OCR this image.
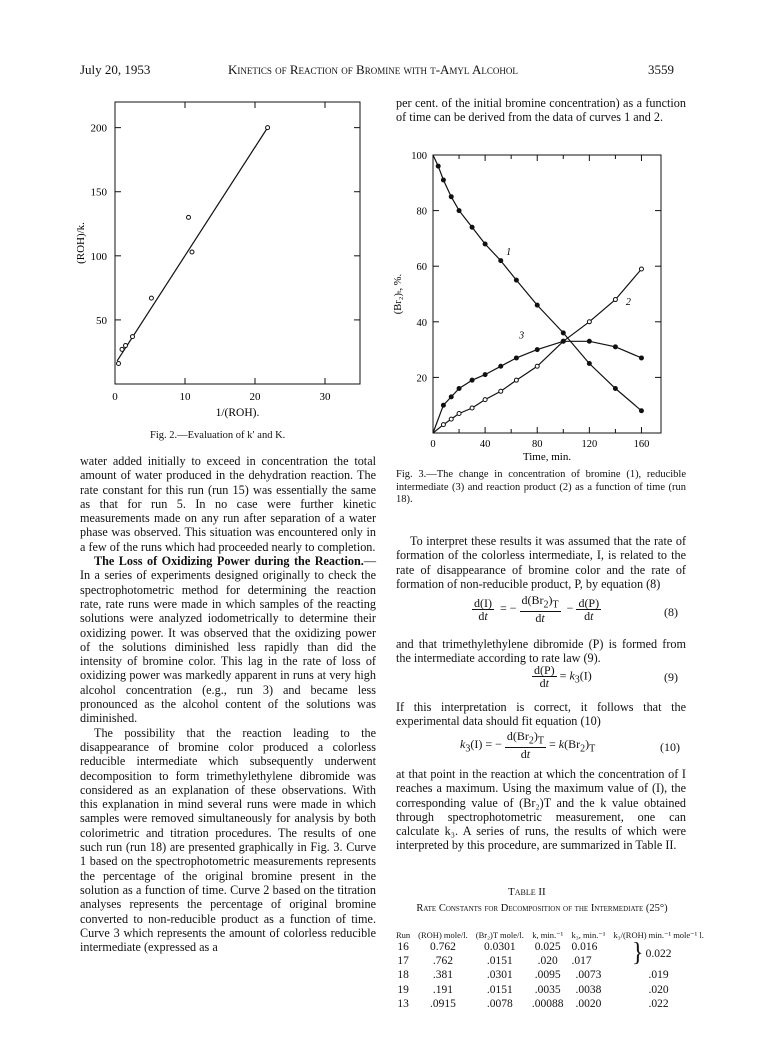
July 20, 1953	Kinetics of Reaction of Bromine with t-Amyl Alcohol	3559
0	10	20	30
50
100
150
200
1/(ROH).
(ROH)/k.
Fig. 2.—Evaluation of k′ and K.
0	40	80	120	160
20
40
60
80
100
1
2
3
Time, min.
(Br₂)ₜ, %.
Fig. 3.—The change in concentration of bromine (1), reducible intermediate (3) and reaction product (2) as a function of time (run 18).

water added initially to exceed in concentration the total amount of water produced in the dehydration reaction. The rate constant for this run (run 15) was essentially the same as that for run 5. In no case were further kinetic measurements made on any run after separation of a water phase was observed. This situation was encountered only in a few of the runs which had proceeded nearly to completion.

The Loss of Oxidizing Power during the Reaction.—In a series of experiments designed originally to check the spectrophotometric method for determining the reaction rate, rate runs were made in which samples of the reacting solutions were analyzed iodometrically to determine their oxidizing power. It was observed that the oxidizing power of the solutions diminished less rapidly than did the intensity of bromine color. This lag in the rate of loss of oxidizing power was markedly apparent in runs at very high alcohol concentration (e.g., run 3) and became less pronounced as the alcohol content of the solutions was diminished.

The possibility that the reaction leading to the disappearance of bromine color produced a colorless reducible intermediate which subsequently underwent decomposition to form trimethylethylene dibromide was considered as an explanation of these observations. With this explanation in mind several runs were made in which samples were removed simultaneously for analysis by both colorimetric and titration procedures. The results of one such run (run 18) are presented graphically in Fig. 3. Curve 1 based on the spectrophotometric measurements represents the percentage of the original bromine present in the solution as a function of time. Curve 2 based on the titration analyses represents the percentage of original bromine converted to non-reducible product as a function of time. Curve 3 which represents the amount of colorless reducible intermediate (expressed as a

per cent. of the initial bromine concentration) as a function of time can be derived from the data of curves 1 and 2.
To interpret these results it was assumed that the rate of formation of the colorless intermediate, I, is related to the rate of disappearance of bromine color and the rate of formation of non-reducible product, P, by equation (8)
$\frac{d(I)}{dt}$ = − $\frac{d(Br_2)_T}{dt} - \frac{d(P)}{dt}$	(8)
and that trimethylethylene dibromide (P) is formed from the intermediate according to rate law (9).
$\frac{d(P)}{dt} = k_3(I)$	(9)
If this interpretation is correct, it follows that the experimental data should fit equation (10)
$k_3(I)$ = − $\frac{d(Br_2)_T}{dt} = k(Br_2)_T$	(10)
at that point in the reaction at which the concentration of I reaches a maximum. Using the maximum value of (I), the corresponding value of (Br₂)T and the k value obtained through spectrophotometric measurement, one can calculate k₃. A series of runs, the results of which were interpreted by this procedure, are summarized in Table II.
Table II
Rate Constants for Decomposition of the Intermediate (25°)
Run	(ROH) mole/l.	(Br₂)T mole/l.	k, min.⁻¹	k₃, min.⁻¹	k₃/(ROH) min.⁻¹ mole⁻¹ l.
16	0.762	0.0301	0.025	0.016	0.022
17	.762	.0151	.020	.017	
18	.381	.0301	.0095	.0073	.019
19	.191	.0151	.0035	.0038	.020
13	.0915	.0078	.00088	.0020	.022
}
